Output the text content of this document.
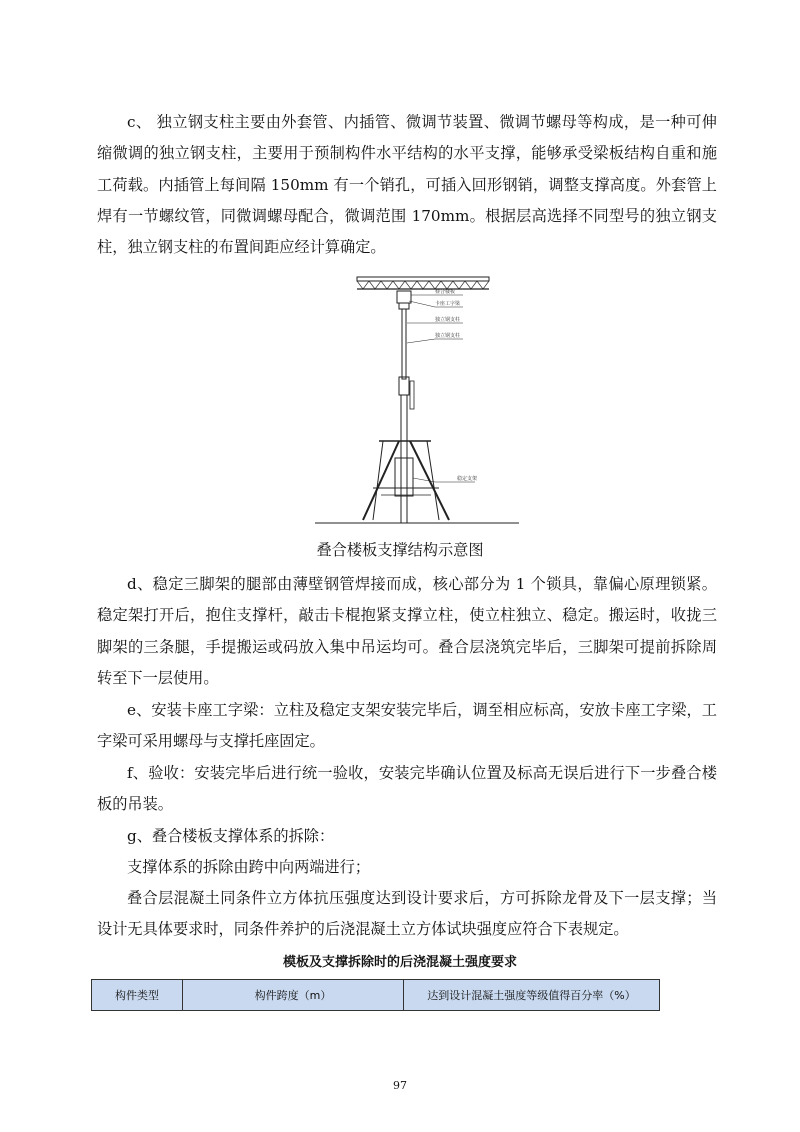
c、 独立钢支柱主要由外套管、内插管、微调节装置、微调节螺母等构成，是一种可伸缩微调的独立钢支柱，主要用于预制构件水平结构的水平支撑，能够承受梁板结构自重和施工荷载。内插管上每间隔 150mm 有一个销孔，可插入回形钢销，调整支撑高度。外套管上焊有一节螺纹管，同微调螺母配合，微调范围 170mm。根据层高选择不同型号的独立钢支柱，独立钢支柱的布置间距应经计算确定。

叠合楼板
卡座工字梁
独立钢支柱
独立钢支柱
稳定支架
叠合楼板支撑结构示意图

d、稳定三脚架的腿部由薄壁钢管焊接而成，核心部分为 1 个锁具，靠偏心原理锁紧。稳定架打开后，抱住支撑杆，敲击卡棍抱紧支撑立柱，使立柱独立、稳定。搬运时，收拢三脚架的三条腿，手提搬运或码放入集中吊运均可。叠合层浇筑完毕后，三脚架可提前拆除周转至下一层使用。

e、安装卡座工字梁：立柱及稳定支架安装完毕后，调至相应标高，安放卡座工字梁，工字梁可采用螺母与支撑托座固定。

f、验收：安装完毕后进行统一验收，安装完毕确认位置及标高无误后进行下一步叠合楼板的吊装。

g、叠合楼板支撑体系的拆除：

支撑体系的拆除由跨中向两端进行；

叠合层混凝土同条件立方体抗压强度达到设计要求后，方可拆除龙骨及下一层支撑；当设计无具体要求时，同条件养护的后浇混凝土立方体试块强度应符合下表规定。

模板及支撑拆除时的后浇混凝土强度要求
构件类型	构件跨度（m）	达到设计混凝土强度等级值得百分率（%）
97
